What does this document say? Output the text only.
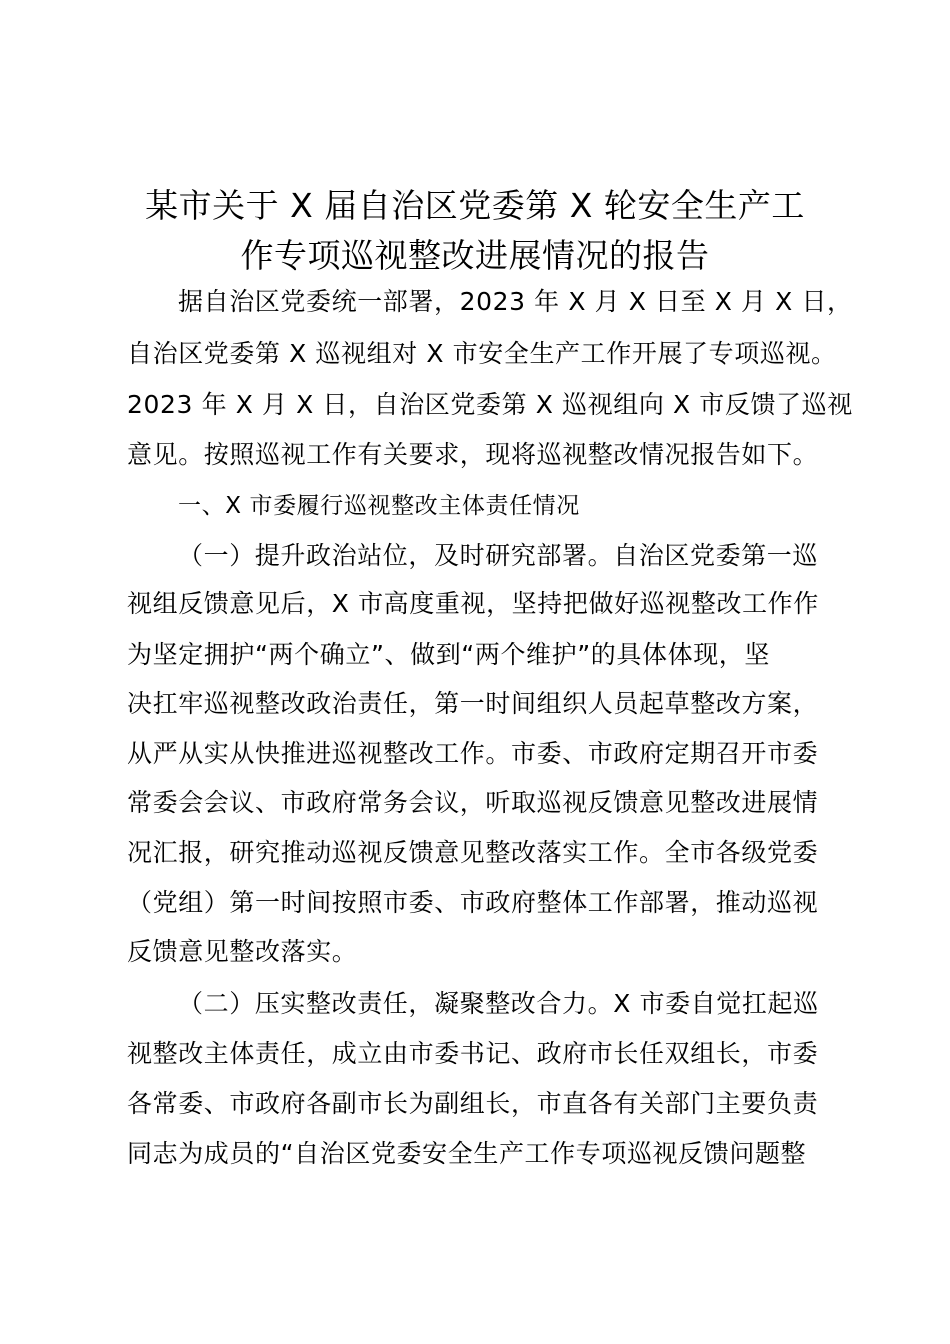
某市关于 X 届自治区党委第 X 轮安全生产工
作专项巡视整改进展情况的报告
据自治区党委统一部署，2023 年 X 月 X 日至 X 月 X 日，
自治区党委第 X 巡视组对 X 市安全生产工作开展了专项巡视。
2023 年 X 月 X 日，自治区党委第 X 巡视组向 X 市反馈了巡视
意见。按照巡视工作有关要求，现将巡视整改情况报告如下。
一、X 市委履行巡视整改主体责任情况
（一）提升政治站位，及时研究部署。自治区党委第一巡
视组反馈意见后，X 市高度重视，坚持把做好巡视整改工作作
为坚定拥护“两个确立”、做到“两个维护”的具体体现，坚
决扛牢巡视整改政治责任，第一时间组织人员起草整改方案，
从严从实从快推进巡视整改工作。市委、市政府定期召开市委
常委会会议、市政府常务会议，听取巡视反馈意见整改进展情
况汇报，研究推动巡视反馈意见整改落实工作。全市各级党委
（党组）第一时间按照市委、市政府整体工作部署，推动巡视
反馈意见整改落实。
（二）压实整改责任，凝聚整改合力。X 市委自觉扛起巡
视整改主体责任，成立由市委书记、政府市长任双组长，市委
各常委、市政府各副市长为副组长，市直各有关部门主要负责
同志为成员的“自治区党委安全生产工作专项巡视反馈问题整
